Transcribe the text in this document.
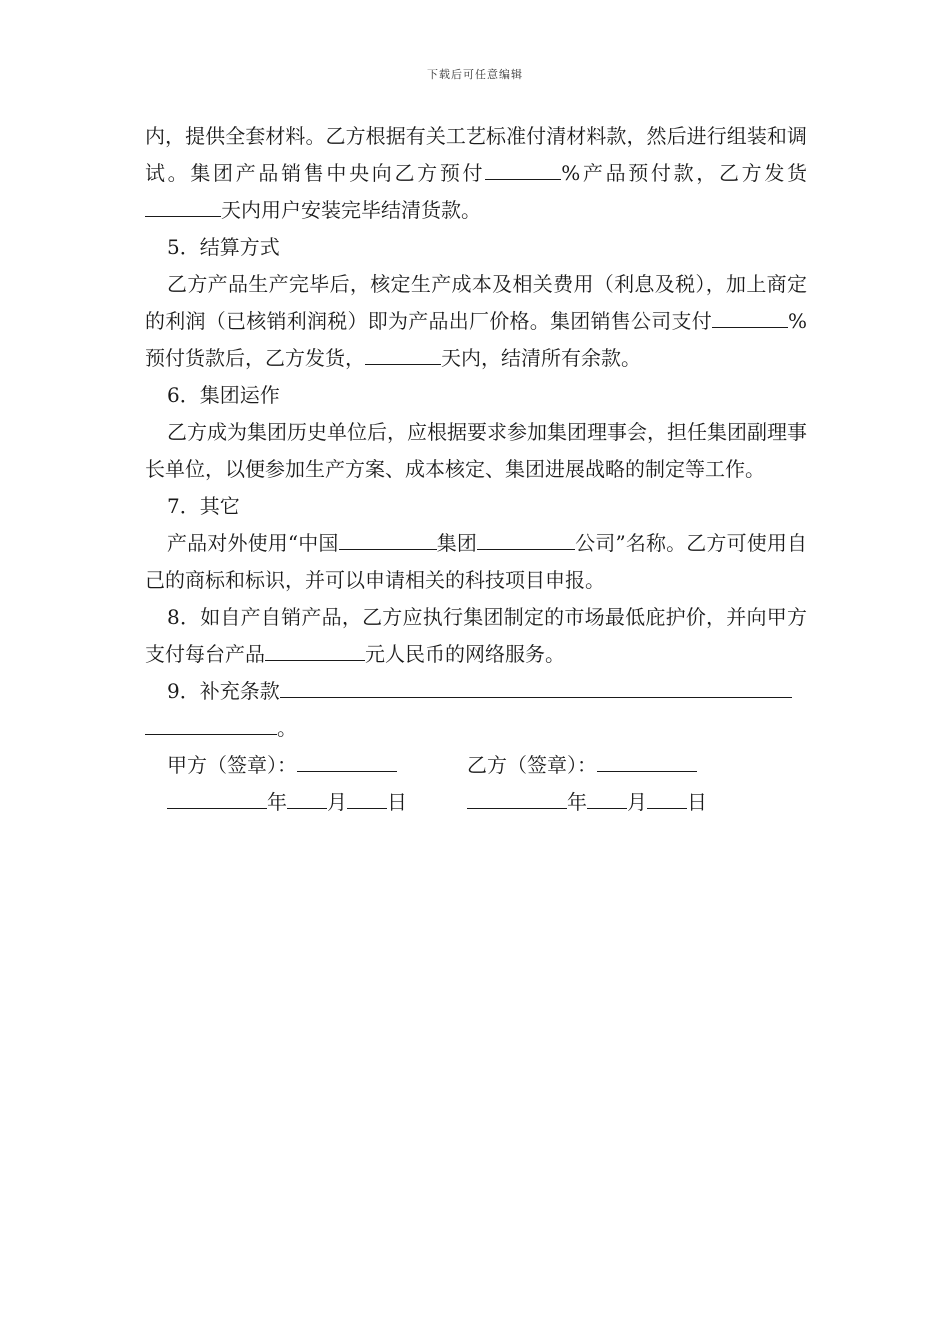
下载后可任意编辑

内，提供全套材料。乙方根据有关工艺标准付清材料款，然后进行组装和调试。集团产品销售中央向乙方预付	%产品预付款，乙方发货天内用户安装完毕结清货款。

5．结算方式

乙方产品生产完毕后，核定生产成本及相关费用（利息及税），加上商定的利润（已核销利润税）即为产品出厂价格。集团销售公司支付	%预付货款后，乙方发货，	天内，结清所有余款。

6．集团运作

乙方成为集团历史单位后，应根据要求参加集团理事会，担任集团副理事长单位，以便参加生产方案、成本核定、集团进展战略的制定等工作。

7．其它

产品对外使用“中国	集团	公司”名称。乙方可使用自己的商标和标识，并可以申请相关的科技项目申报。

8．如自产自销产品，乙方应执行集团制定的市场最低庇护价，并向甲方支付每台产品	元人民币的网络服务。

9．补充条款

。

甲方（签章）：	乙方（签章）：
年 月 日	年 月 日
